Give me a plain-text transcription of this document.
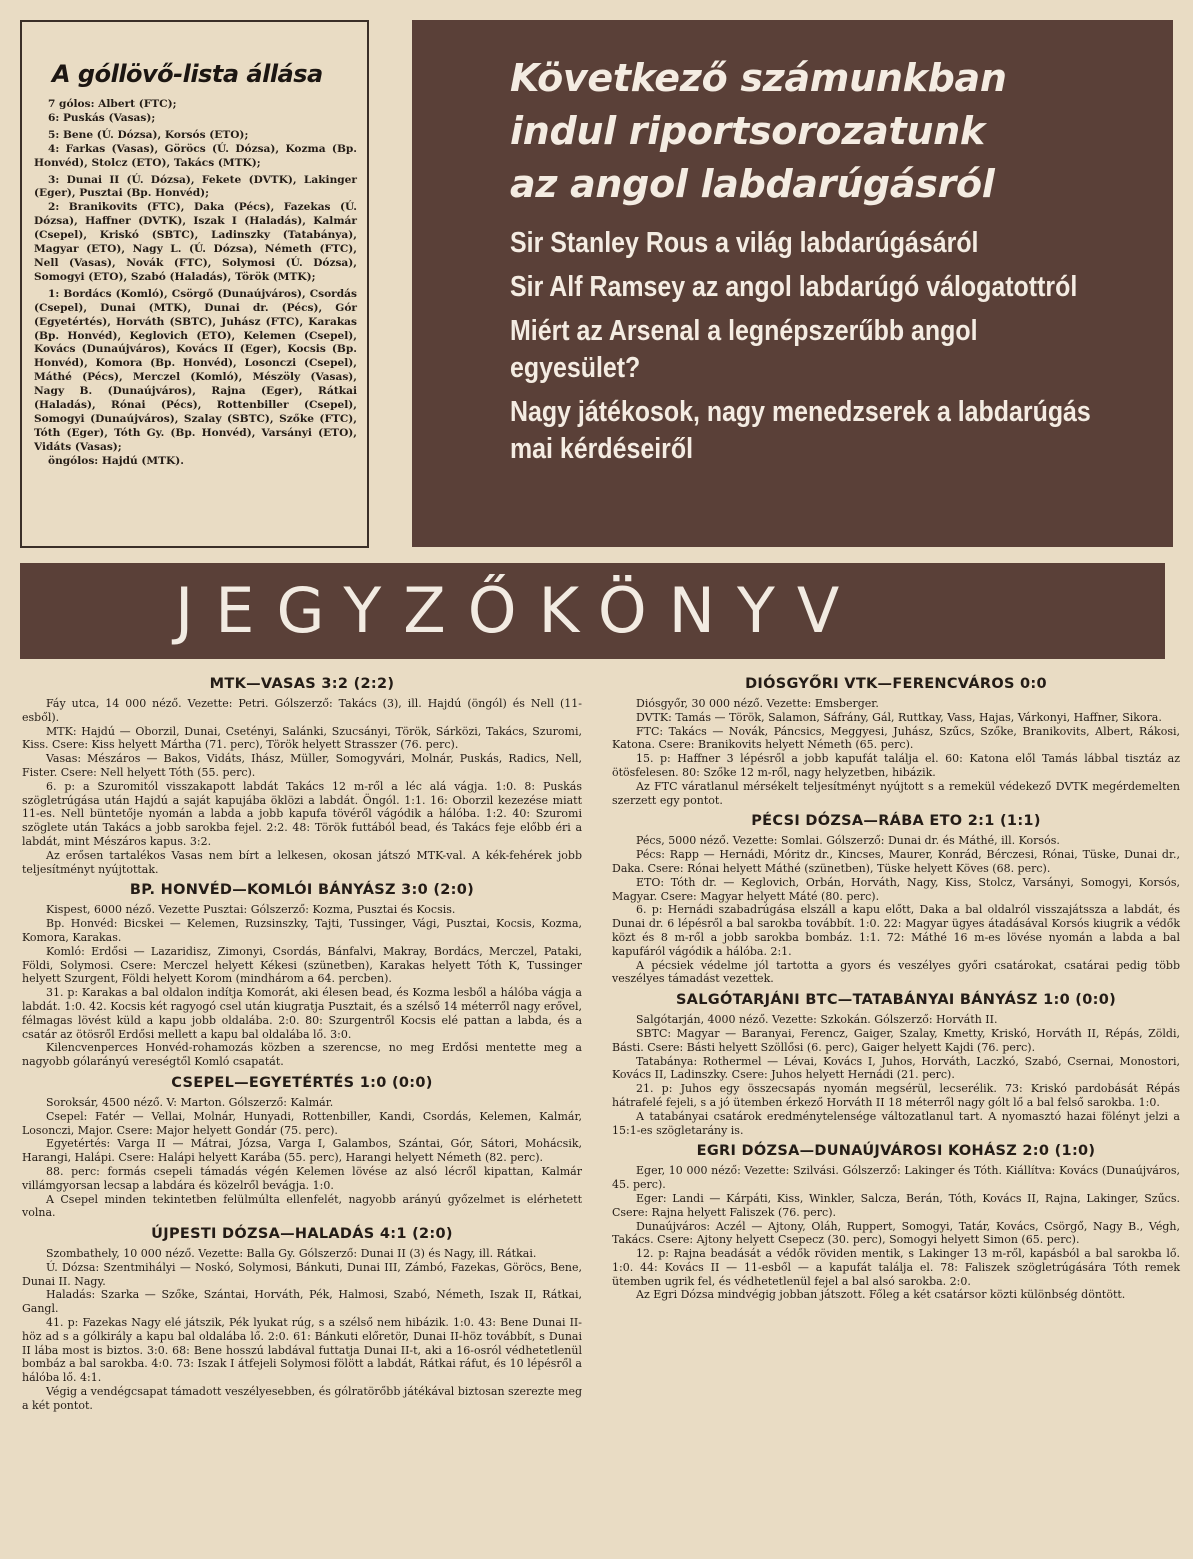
A góllövő-lista állása

7 gólos: Albert (FTC);

6: Puskás (Vasas);

5: Bene (Ú. Dózsa), Korsós (ETO);

4: Farkas (Vasas), Göröcs (Ú. Dózsa), Kozma (Bp. Honvéd), Stolcz (ETO), Takács (MTK);

3: Dunai II (Ú. Dózsa), Fekete (DVTK), Lakinger (Eger), Pusztai (Bp. Honvéd);

2: Branikovits (FTC), Daka (Pécs), Fazekas (Ú. Dózsa), Haffner (DVTK), Iszak I (Haladás), Kalmár (Csepel), Kriskó (SBTC), Ladinszky (Tatabánya), Magyar (ETO), Nagy L. (Ú. Dózsa), Németh (FTC), Nell (Vasas), Novák (FTC), Solymosi (Ú. Dózsa), Somogyi (ETO), Szabó (Haladás), Török (MTK);

1: Bordács (Komló), Csörgő (Dunaújváros), Csordás (Csepel), Dunai (MTK), Dunai dr. (Pécs), Gór (Egyetértés), Horváth (SBTC), Juhász (FTC), Karakas (Bp. Honvéd), Keglovich (ETO), Kelemen (Csepel), Kovács (Dunaújváros), Kovács II (Eger), Kocsis (Bp. Honvéd), Komora (Bp. Honvéd), Losonczi (Csepel), Máthé (Pécs), Merczel (Komló), Mészöly (Vasas), Nagy B. (Dunaújváros), Rajna (Eger), Rátkai (Haladás), Rónai (Pécs), Rottenbiller (Csepel), Somogyi (Dunaújváros), Szalay (SBTC), Szőke (FTC), Tóth (Eger), Tóth Gy. (Bp. Honvéd), Varsányi (ETO), Vidáts (Vasas);

öngólos: Hajdú (MTK).

Következő számunkban
indul riportsorozatunk
az angol labdarúgásról
Sir Stanley Rous a világ labdarúgásáról
Sir Alf Ramsey az angol labdarúgó válogatottról
Miért az Arsenal a legnépszerűbb angol egyesület?
Nagy játékosok, nagy menedzserek a labdarúgás mai kérdéseiről
JEGYZŐKÖNYV
MTK—VASAS 3:2 (2:2)

Fáy utca, 14 000 néző. Vezette: Petri. Gólszerző: Takács (3), ill. Hajdú (öngól) és Nell (11-esből).

MTK: Hajdú — Oborzil, Dunai, Csetényi, Salánki, Szucsányi, Török, Sárközi, Takács, Szuromi, Kiss. Csere: Kiss helyett Mártha (71. perc), Török helyett Strasszer (76. perc).

Vasas: Mészáros — Bakos, Vidáts, Ihász, Müller, Somogyvári, Molnár, Puskás, Radics, Nell, Fister. Csere: Nell helyett Tóth (55. perc).

6. p: a Szuromitól visszakapott labdát Takács 12 m-ről a léc alá vágja. 1:0. 8: Puskás szögletrúgása után Hajdú a saját kapujába öklözi a labdát. Öngól. 1:1. 16: Oborzil kezezése miatt 11-es. Nell büntetője nyomán a labda a jobb kapufa tövéről vágódik a hálóba. 1:2. 40: Szuromi szöglete után Takács a jobb sarokba fejel. 2:2. 48: Török futtából bead, és Takács feje előbb éri a labdát, mint Mészáros kapus. 3:2.

Az erősen tartalékos Vasas nem bírt a lelkesen, okosan játszó MTK-val. A kék-fehérek jobb teljesítményt nyújtottak.

BP. HONVÉD—KOMLÓI BÁNYÁSZ 3:0 (2:0)

Kispest, 6000 néző. Vezette Pusztai: Gólszerző: Kozma, Pusztai és Kocsis.

Bp. Honvéd: Bicskei — Kelemen, Ruzsinszky, Tajti, Tussinger, Vági, Pusztai, Kocsis, Kozma, Komora, Karakas.

Komló: Erdősi — Lazaridisz, Zimonyi, Csordás, Bánfalvi, Makray, Bordács, Merczel, Pataki, Földi, Solymosi. Csere: Merczel helyett Kékesi (szünetben), Karakas helyett Tóth K, Tussinger helyett Szurgent, Földi helyett Korom (mindhárom a 64. percben).

31. p: Karakas a bal oldalon indítja Komorát, aki élesen bead, és Kozma lesből a hálóba vágja a labdát. 1:0. 42. Kocsis két ragyogó csel után kiugratja Pusztait, és a szélső 14 méterről nagy erővel, félmagas lövést küld a kapu jobb oldalába. 2:0. 80: Szurgentről Kocsis elé pattan a labda, és a csatár az ötösről Erdősi mellett a kapu bal oldalába lő. 3:0.

Kilencvenperces Honvéd-rohamozás közben a szerencse, no meg Erdősi mentette meg a nagyobb gólarányú vereségtől Komló csapatát.

CSEPEL—EGYETÉRTÉS 1:0 (0:0)

Soroksár, 4500 néző. V: Marton. Gólszerző: Kalmár.

Csepel: Fatér — Vellai, Molnár, Hunyadi, Rottenbiller, Kandi, Csordás, Kelemen, Kalmár, Losonczi, Major. Csere: Major helyett Gondár (75. perc).

Egyetértés: Varga II — Mátrai, Józsa, Varga I, Galambos, Szántai, Gór, Sátori, Mohácsik, Harangi, Halápi. Csere: Halápi helyett Karába (55. perc), Harangi helyett Németh (82. perc).

88. perc: formás csepeli támadás végén Kelemen lövése az alsó lécről kipattan, Kalmár villámgyorsan lecsap a labdára és közelről bevágja. 1:0.

A Csepel minden tekintetben felülmúlta ellenfelét, nagyobb arányú győzelmet is elérhetett volna.

ÚJPESTI DÓZSA—HALADÁS 4:1 (2:0)

Szombathely, 10 000 néző. Vezette: Balla Gy. Gólszerző: Dunai II (3) és Nagy, ill. Rátkai.

Ú. Dózsa: Szentmihályi — Noskó, Solymosi, Bánkuti, Dunai III, Zámbó, Fazekas, Göröcs, Bene, Dunai II. Nagy.

Haladás: Szarka — Szőke, Szántai, Horváth, Pék, Halmosi, Szabó, Németh, Iszak II, Rátkai, Gangl.

41. p: Fazekas Nagy elé játszik, Pék lyukat rúg, s a szélső nem hibázik. 1:0. 43: Bene Dunai II-höz ad s a gólkirály a kapu bal oldalába lő. 2:0. 61: Bánkuti előretör, Dunai II-höz továbbít, s Dunai II lába most is biztos. 3:0. 68: Bene hosszú labdával futtatja Dunai II-t, aki a 16-osról védhetetlenül bombáz a bal sarokba. 4:0. 73: Iszak I átfejeli Solymosi fölött a labdát, Rátkai ráfut, és 10 lépésről a hálóba lő. 4:1.

Végig a vendégcsapat támadott veszélyesebben, és gólratörőbb játékával biztosan szerezte meg a két pontot.

DIÓSGYŐRI VTK—FERENCVÁROS 0:0

Diósgyőr, 30 000 néző. Vezette: Emsberger.

DVTK: Tamás — Török, Salamon, Sáfrány, Gál, Ruttkay, Vass, Hajas, Várkonyi, Haffner, Sikora.

FTC: Takács — Novák, Páncsics, Meggyesi, Juhász, Szűcs, Szőke, Branikovits, Albert, Rákosi, Katona. Csere: Branikovits helyett Németh (65. perc).

15. p: Haffner 3 lépésről a jobb kapufát találja el. 60: Katona elől Tamás lábbal tisztáz az ötösfelesen. 80: Szőke 12 m-ről, nagy helyzetben, hibázik.

Az FTC váratlanul mérsékelt teljesítményt nyújtott s a remekül védekező DVTK megérdemelten szerzett egy pontot.

PÉCSI DÓZSA—RÁBA ETO 2:1 (1:1)

Pécs, 5000 néző. Vezette: Somlai. Gólszerző: Dunai dr. és Máthé, ill. Korsós.

Pécs: Rapp — Hernádi, Móritz dr., Kincses, Maurer, Konrád, Bérczesi, Rónai, Tüske, Dunai dr., Daka. Csere: Rónai helyett Máthé (szünetben), Tüske helyett Köves (68. perc).

ETO: Tóth dr. — Keglovich, Orbán, Horváth, Nagy, Kiss, Stolcz, Varsányi, Somogyi, Korsós, Magyar. Csere: Magyar helyett Máté (80. perc).

6. p: Hernádi szabadrúgása elszáll a kapu előtt, Daka a bal oldalról visszajátssza a labdát, és Dunai dr. 6 lépésről a bal sarokba továbbít. 1:0. 22: Magyar ügyes átadásával Korsós kiugrik a védők közt és 8 m-ről a jobb sarokba bombáz. 1:1. 72: Máthé 16 m-es lövése nyomán a labda a bal kapufáról vágódik a hálóba. 2:1.

A pécsiek védelme jól tartotta a gyors és veszélyes győri csatárokat, csatárai pedig több veszélyes támadást vezettek.

SALGÓTARJÁNI BTC—TATABÁNYAI BÁNYÁSZ 1:0 (0:0)

Salgótarján, 4000 néző. Vezette: Szkokán. Gólszerző: Horváth II.

SBTC: Magyar — Baranyai, Ferencz, Gaiger, Szalay, Kmetty, Kriskó, Horváth II, Répás, Zöldi, Básti. Csere: Básti helyett Szöllősi (6. perc), Gaiger helyett Kajdi (76. perc).

Tatabánya: Rothermel — Lévai, Kovács I, Juhos, Horváth, Laczkó, Szabó, Csernai, Monostori, Kovács II, Ladinszky. Csere: Juhos helyett Hernádi (21. perc).

21. p: Juhos egy összecsapás nyomán megsérül, lecserélik. 73: Kriskó pardobását Répás hátrafelé fejeli, s a jó ütemben érkező Horváth II 18 méterről nagy gólt lő a bal felső sarokba. 1:0.

A tatabányai csatárok eredménytelensége változatlanul tart. A nyomasztó hazai fölényt jelzi a 15:1-es szögletarány is.

EGRI DÓZSA—DUNAÚJVÁROSI KOHÁSZ 2:0 (1:0)

Eger, 10 000 néző: Vezette: Szilvási. Gólszerző: Lakinger és Tóth. Kiállítva: Kovács (Dunaújváros, 45. perc).

Eger: Landi — Kárpáti, Kiss, Winkler, Salcza, Berán, Tóth, Kovács II, Rajna, Lakinger, Szűcs. Csere: Rajna helyett Faliszek (76. perc).

Dunaújváros: Aczél — Ajtony, Oláh, Ruppert, Somogyi, Tatár, Kovács, Csörgő, Nagy B., Végh, Takács. Csere: Ajtony helyett Csepecz (30. perc), Somogyi helyett Simon (65. perc).

12. p: Rajna beadását a védők röviden mentik, s Lakinger 13 m-ről, kapásból a bal sarokba lő. 1:0. 44: Kovács II — 11-esből — a kapufát találja el. 78: Faliszek szögletrúgására Tóth remek ütemben ugrik fel, és védhetetlenül fejel a bal alsó sarokba. 2:0.

Az Egri Dózsa mindvégig jobban játszott. Főleg a két csatársor közti különbség döntött.
